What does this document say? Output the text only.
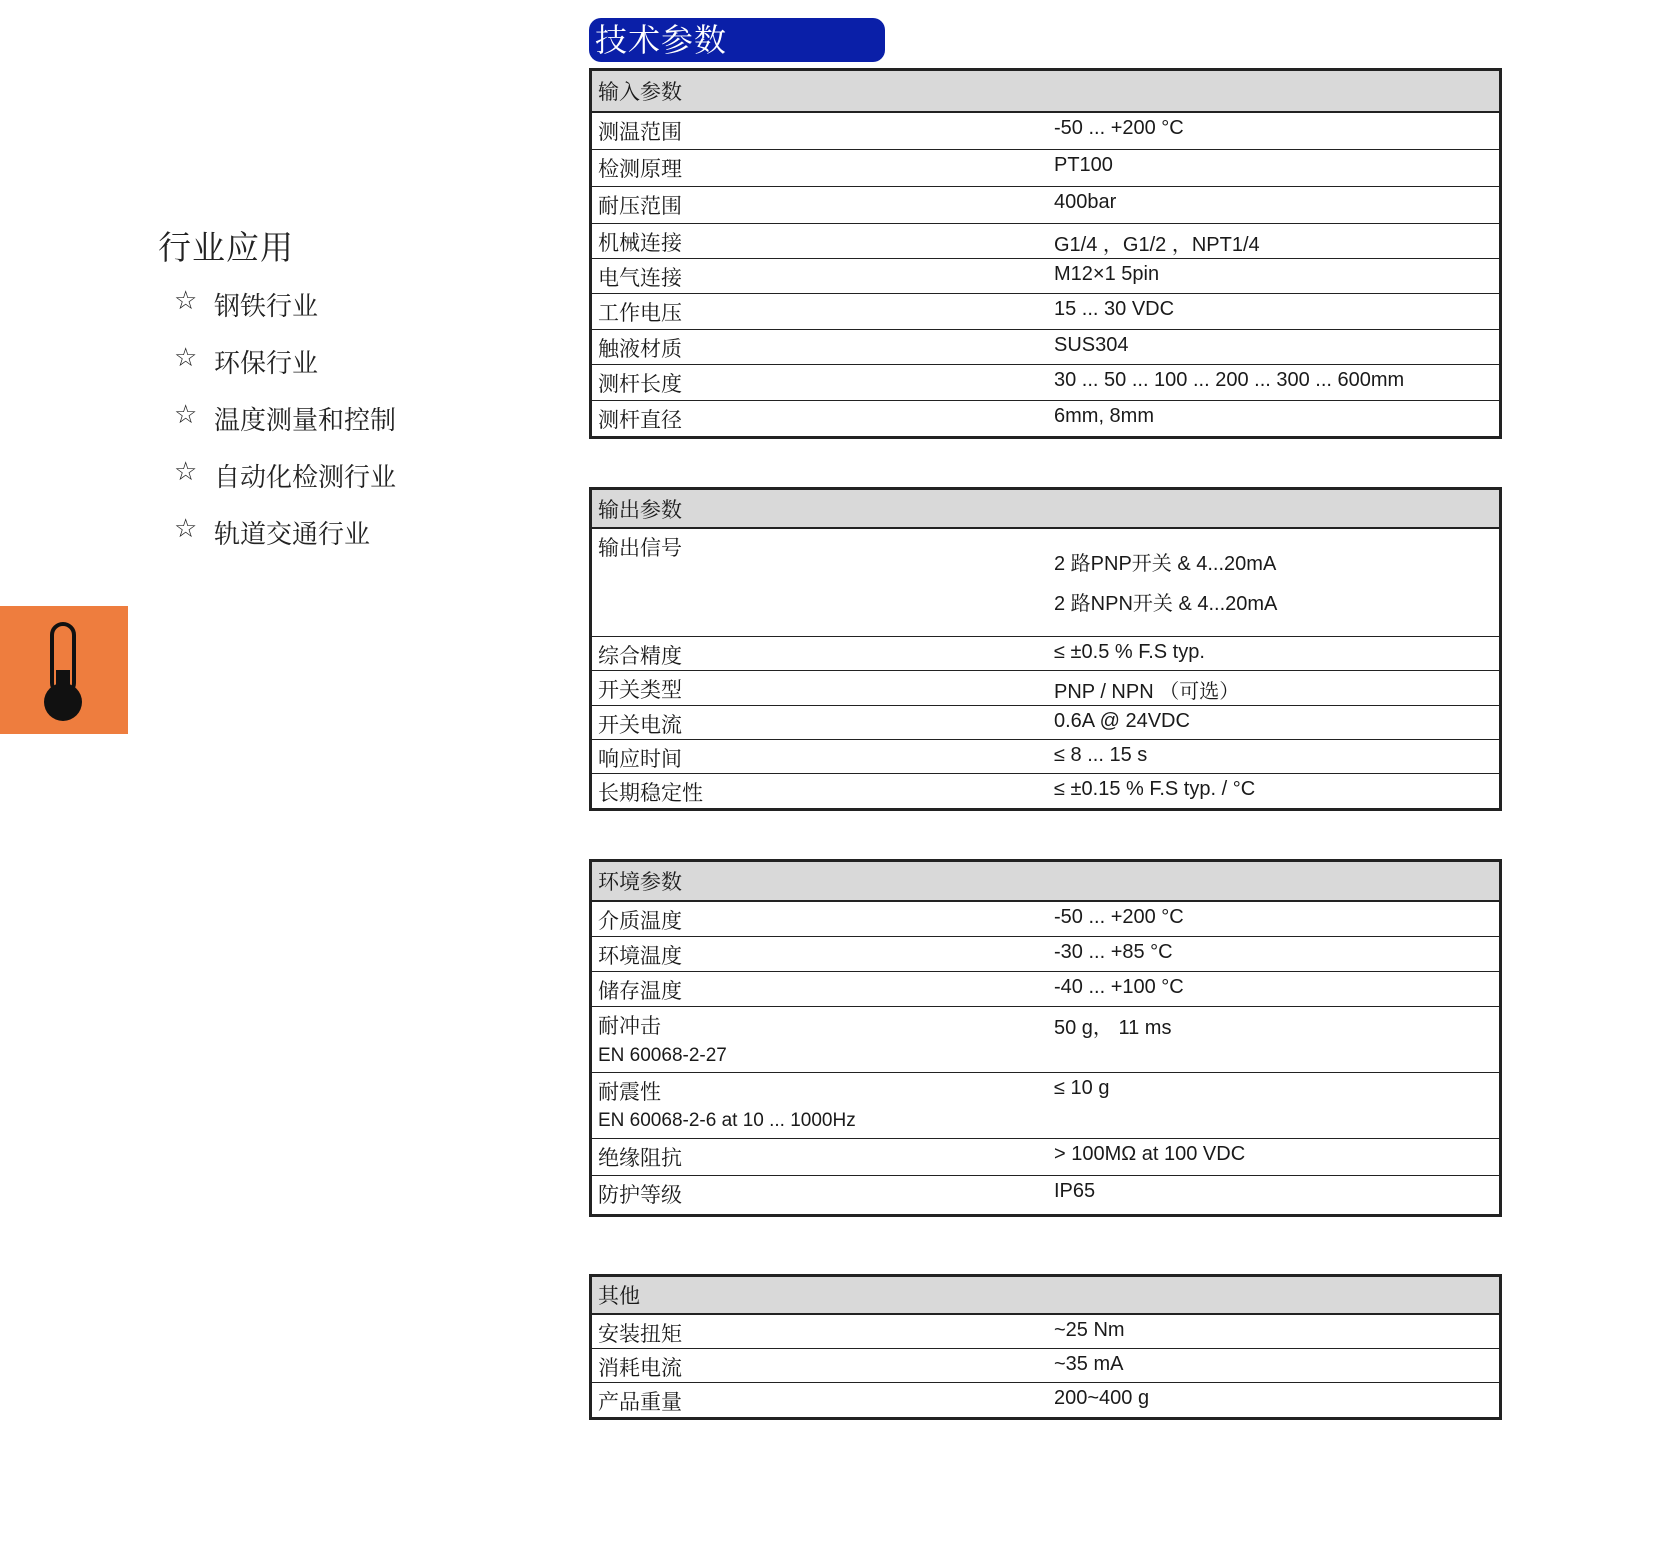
行业应用
☆ 钢铁行业
☆ 环保行业
☆ 温度测量和控制
☆ 自动化检测行业
☆ 轨道交通行业
技术参数
输入参数
测温范围	-50 ... +200 °C
检测原理	PT100
耐压范围	400bar
机械连接	G1/4 ，G1/2 ，NPT1/4
电气连接	M12×1 5pin
工作电压	15 ... 30 VDC
触液材质	SUS304
测杆长度	30 ... 50 ... 100 ... 200 ... 300 ... 600mm
测杆直径	6mm, 8mm
输出参数
输出信号
2 路PNP开关 & 4...20mA
2 路NPN开关 & 4...20mA
综合精度	≤ ±0.5 % F.S typ.
开关类型	PNP / NPN （可选）
开关电流	0.6A @ 24VDC
响应时间	≤ 8 ... 15 s
长期稳定性	≤ ±0.15 % F.S typ. / °C
环境参数
介质温度	-50 ... +200 °C
环境温度	-30 ... +85 °C
储存温度	-40 ... +100 °C
耐冲击	50 g， 11 ms
EN 60068-2-27
耐震性	≤ 10 g
EN 60068-2-6 at 10 ... 1000Hz
绝缘阻抗	> 100MΩ at 100 VDC
防护等级	IP65
其他
安装扭矩	~25 Nm
消耗电流	~35 mA
产品重量	200~400 g
